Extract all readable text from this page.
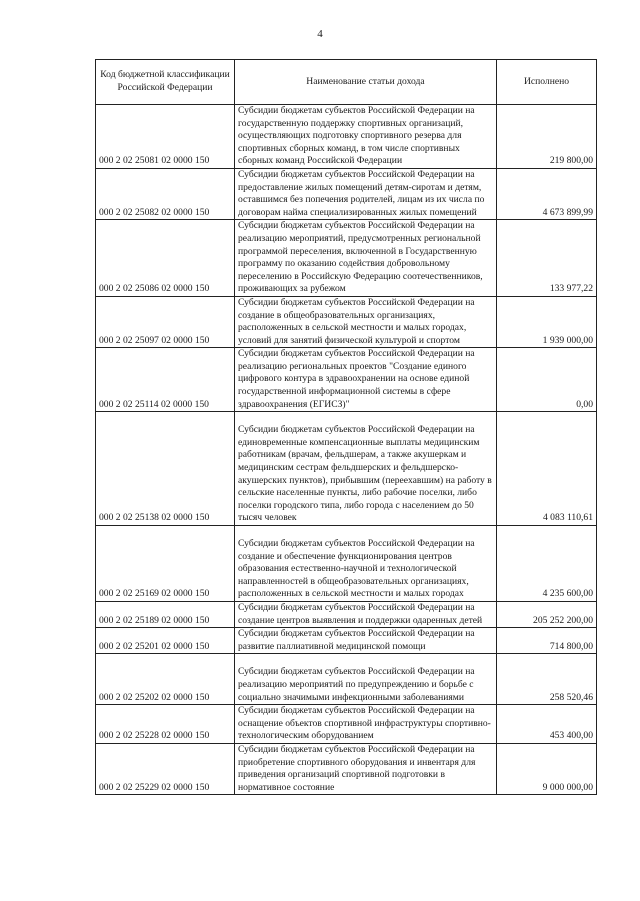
4
Код бюджетной классификации Российской Федерации	Наименование статьи дохода	Исполнено
000 2 02 25081 02 0000 150	Субсидии бюджетам субъектов Российской Федерации на государственную поддержку спортивных организаций, осуществляющих подготовку спортивного резерва для спортивных сборных команд, в том числе спортивных сборных команд Российской Федерации	219 800,00
000 2 02 25082 02 0000 150	Субсидии бюджетам субъектов Российской Федерации на предоставление жилых помещений детям-сиротам и детям, оставшимся без попечения родителей, лицам из их числа по договорам найма специализированных жилых помещений	4 673 899,99
000 2 02 25086 02 0000 150	Субсидии бюджетам субъектов Российской Федерации на реализацию мероприятий, предусмотренных региональной программой переселения, включенной в Государственную программу по оказанию содействия добровольному переселению в Российскую Федерацию соотечественников, проживающих за рубежом	133 977,22
000 2 02 25097 02 0000 150	Субсидии бюджетам субъектов Российской Федерации на создание в общеобразовательных организациях, расположенных в сельской местности и малых городах, условий для занятий физической культурой и спортом	1 939 000,00
000 2 02 25114 02 0000 150	Субсидии бюджетам субъектов Российской Федерации на реализацию региональных проектов "Создание единого цифрового контура в здравоохранении на основе единой государственной информационной системы в сфере здравоохранения (ЕГИСЗ)"	0,00
000 2 02 25138 02 0000 150	Субсидии бюджетам субъектов Российской Федерации на единовременные компенсационные выплаты медицинским работникам (врачам, фельдшерам, а также акушеркам и медицинским сестрам фельдшерских и фельдшерско-акушерских пунктов), прибывшим (переехавшим) на работу в сельские населенные пункты, либо рабочие поселки, либо поселки городского типа, либо города с населением до 50 тысяч человек	4 083 110,61
000 2 02 25169 02 0000 150	Субсидии бюджетам субъектов Российской Федерации на создание и обеспечение функционирования центров образования естественно-научной и технологической направленностей в общеобразовательных организациях, расположенных в сельской местности и малых городах	4 235 600,00
000 2 02 25189 02 0000 150	Субсидии бюджетам субъектов Российской Федерации на создание центров выявления и поддержки одаренных детей	205 252 200,00
000 2 02 25201 02 0000 150	Субсидии бюджетам субъектов Российской Федерации на развитие паллиативной медицинской помощи	714 800,00
000 2 02 25202 02 0000 150	Субсидии бюджетам субъектов Российской Федерации на реализацию мероприятий по предупреждению и борьбе с социально значимыми инфекционными заболеваниями	258 520,46
000 2 02 25228 02 0000 150	Субсидии бюджетам субъектов Российской Федерации на оснащение объектов спортивной инфраструктуры спортивно-технологическим оборудованием	453 400,00
000 2 02 25229 02 0000 150	Субсидии бюджетам субъектов Российской Федерации на приобретение спортивного оборудования и инвентаря для приведения организаций спортивной подготовки в нормативное состояние	9 000 000,00
